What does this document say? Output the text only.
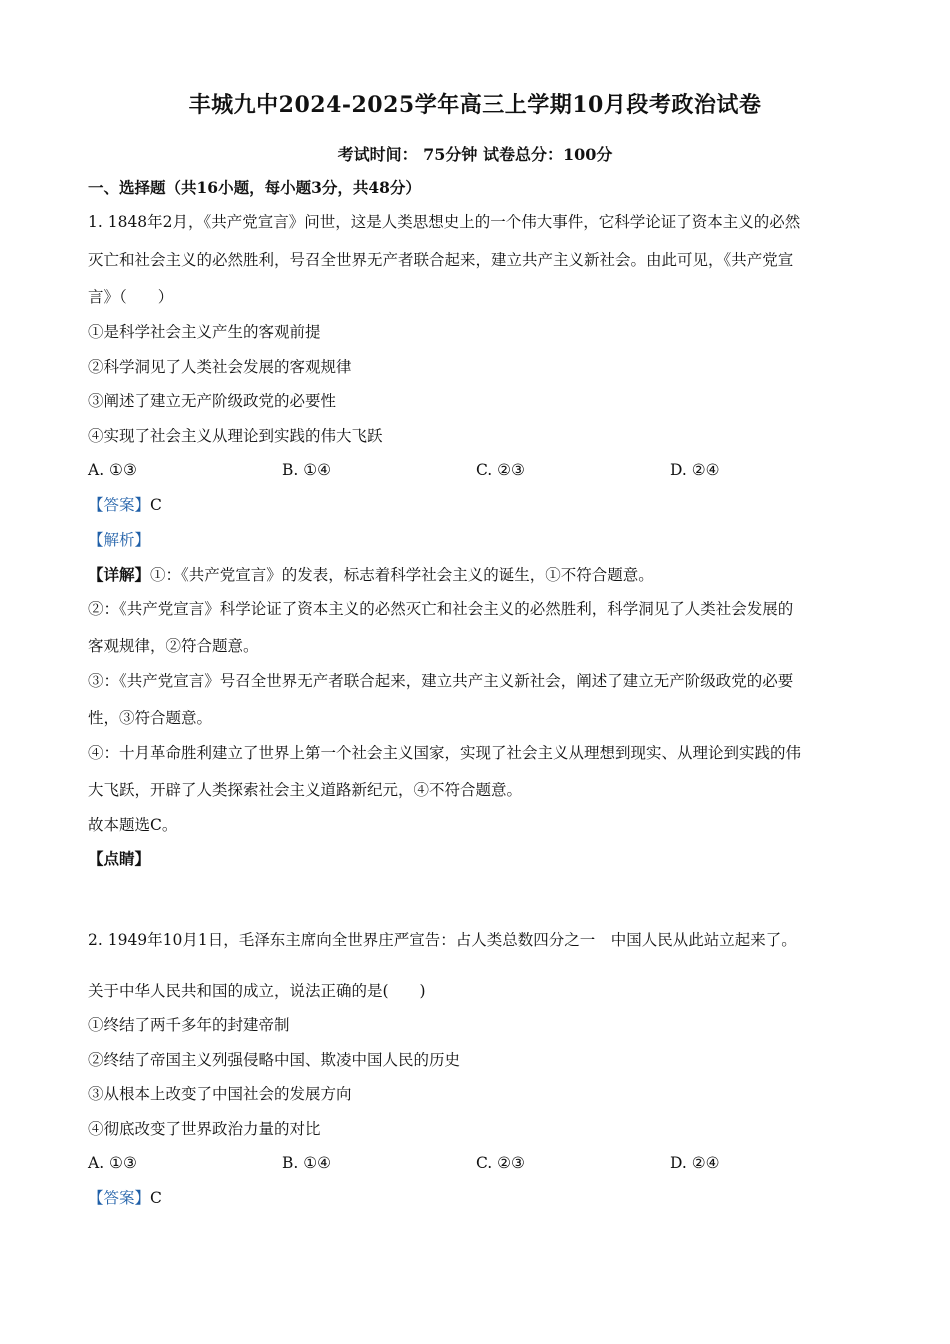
丰城九中2024-2025学年高三上学期10月段考政治试卷
考试时间： 75分钟 试卷总分：100分
一、选择题（共16小题，每小题3分，共48分）
1. 1848年2月，《共产党宣言》问世，这是人类思想史上的一个伟大事件，它科学论证了资本主义的必然
灭亡和社会主义的必然胜利，号召全世界无产者联合起来，建立共产主义新社会。由此可见，《共产党宣
言》（　　）
①是科学社会主义产生的客观前提
②科学洞见了人类社会发展的客观规律
③阐述了建立无产阶级政党的必要性
④实现了社会主义从理论到实践的伟大飞跃
A. ①③	B. ①④	C. ②③	D. ②④
【答案】C
【解析】
【详解】①：《共产党宣言》的发表，标志着科学社会主义的诞生，①不符合题意。
②：《共产党宣言》科学论证了资本主义的必然灭亡和社会主义的必然胜利，科学洞见了人类社会发展的
客观规律，②符合题意。
③：《共产党宣言》号召全世界无产者联合起来，建立共产主义新社会，阐述了建立无产阶级政党的必要
性，③符合题意。
④：十月革命胜利建立了世界上第一个社会主义国家，实现了社会主义从理想到现实、从理论到实践的伟
大飞跃，开辟了人类探索社会主义道路新纪元，④不符合题意。
故本题选C。
【点睛】
2. 1949年10月1日，毛泽东主席向全世界庄严宣告：占人类总数四分之一　中国人民从此站立起来了。
关于中华人民共和国的成立，说法正确的是(　　)
①终结了两千多年的封建帝制
②终结了帝国主义列强侵略中国、欺凌中国人民的历史
③从根本上改变了中国社会的发展方向
④彻底改变了世界政治力量的对比
A. ①③	B. ①④	C. ②③	D. ②④
【答案】C
